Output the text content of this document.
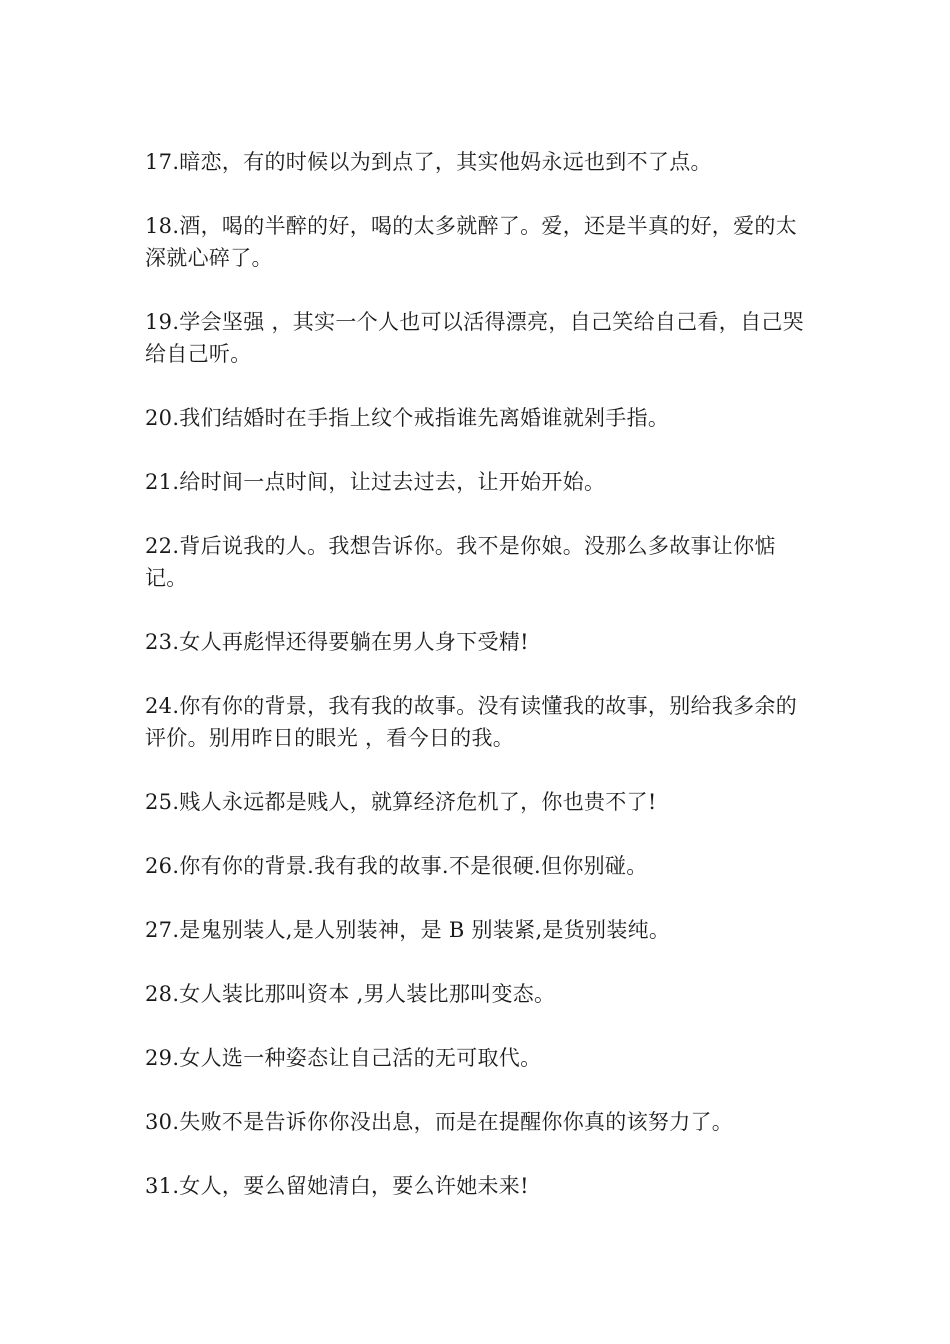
17.暗恋，有的时候以为到点了，其实他妈永远也到不了点。

18.酒，喝的半醉的好，喝的太多就醉了。爱，还是半真的好，爱的太深就心碎了。

19.学会坚强 ，其实一个人也可以活得漂亮，自己笑给自己看，自己哭给自己听。

20.我们结婚时在手指上纹个戒指谁先离婚谁就剁手指。

21.给时间一点时间，让过去过去，让开始开始。

22.背后说我的人。我想告诉你。我不是你娘。没那么多故事让你惦记。

23.女人再彪悍还得要躺在男人身下受精!

24.你有你的背景，我有我的故事。没有读懂我的故事，别给我多余的评价。别用昨日的眼光 ，看今日的我。

25.贱人永远都是贱人，就算经济危机了，你也贵不了!

26.你有你的背景.我有我的故事.不是很硬.但你别碰。

27.是鬼别装人,是人别装神，是 B 别装紧,是货别装纯。

28.女人装比那叫资本 ,男人装比那叫变态。

29.女人选一种姿态让自己活的无可取代。

30.失败不是告诉你你没出息，而是在提醒你你真的该努力了。

31.女人，要么留她清白，要么许她未来!
